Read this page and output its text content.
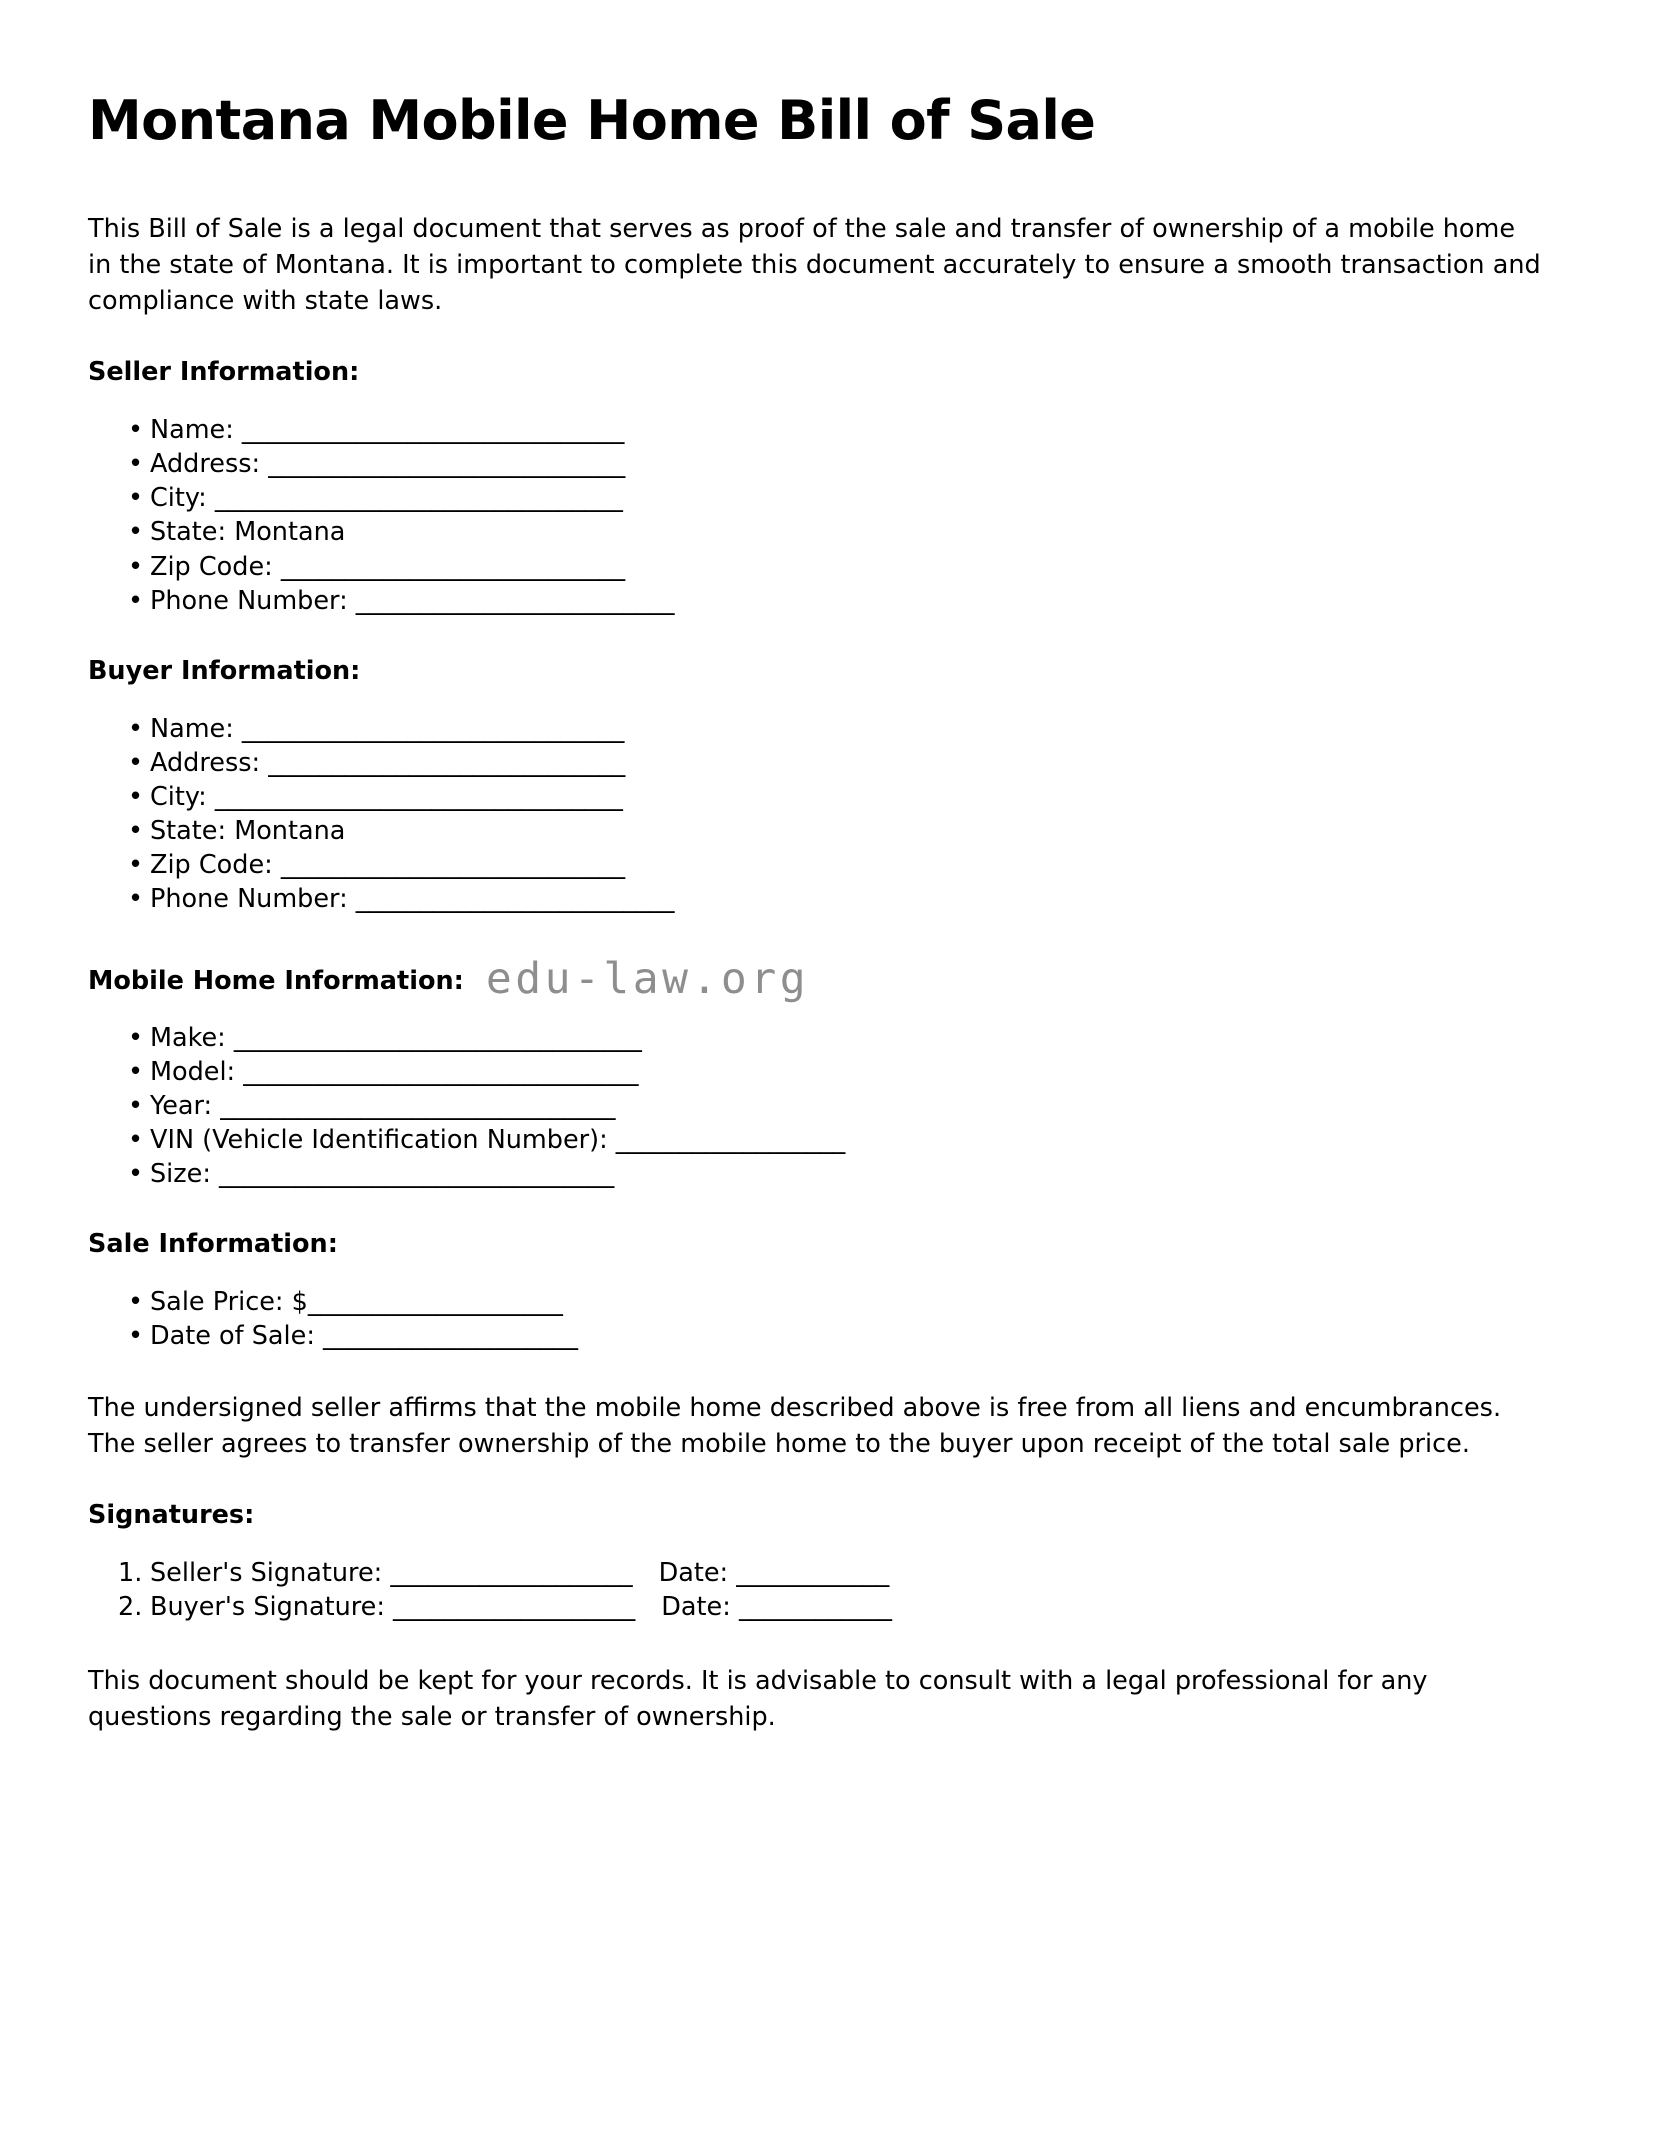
Montana Mobile Home Bill of Sale

This Bill of Sale is a legal document that serves as proof of the sale and transfer of ownership of a mobile home in the state of Montana. It is important to complete this document accurately to ensure a smooth transaction and compliance with state laws.

Seller Information:
• Name: ______________________________
• Address: ____________________________
• City: ________________________________
• State: Montana
• Zip Code: ___________________________
• Phone Number: _________________________
Buyer Information:
• Name: ______________________________
• Address: ____________________________
• City: ________________________________
• State: Montana
• Zip Code: ___________________________
• Phone Number: _________________________
Mobile Home Information: edu-law.org
• Make: ________________________________
• Model: _______________________________
• Year: _______________________________
• VIN (Vehicle Identification Number): __________________
• Size: _______________________________
Sale Information:
• Sale Price: $____________________
• Date of Sale: ____________________

The undersigned seller affirms that the mobile home described above is free from all liens and encumbrances. The seller agrees to transfer ownership of the mobile home to the buyer upon receipt of the total sale price.

Signatures:
Seller's Signature: ___________________ Date: ____________
Buyer's Signature: ___________________ Date: ____________

This document should be kept for your records. It is advisable to consult with a legal professional for any questions regarding the sale or transfer of ownership.
